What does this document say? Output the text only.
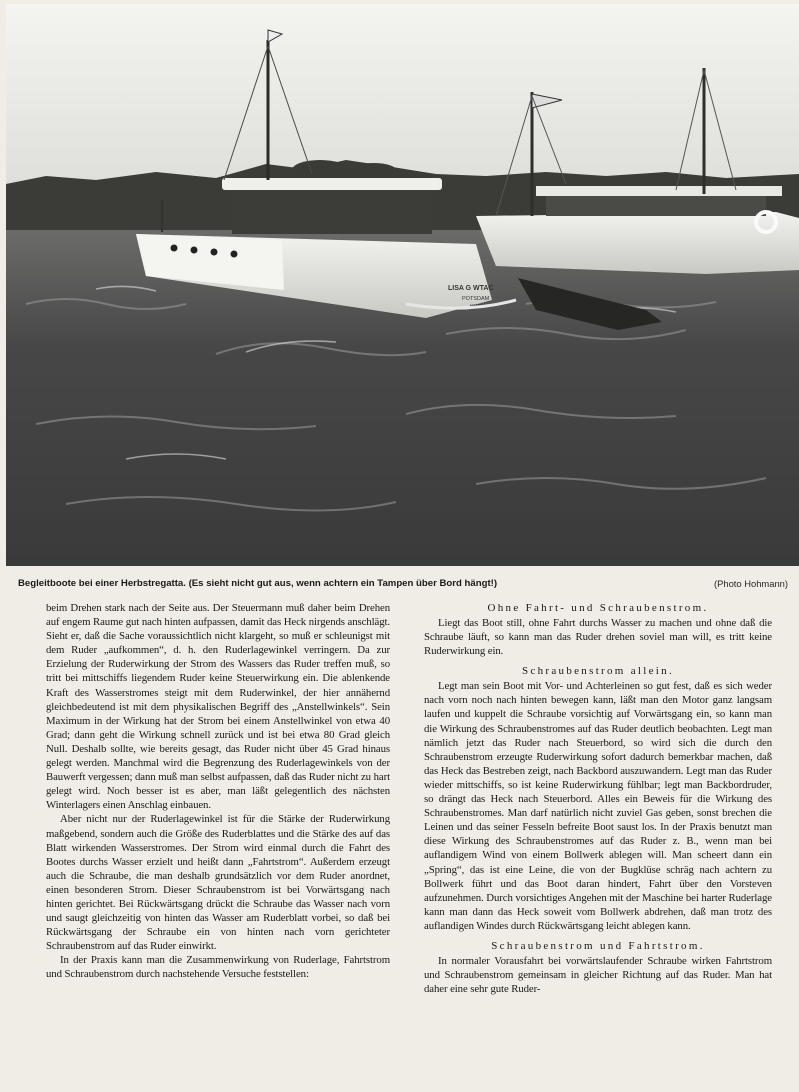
LISA G WTAC
POTSDAM
KYC
Begleitboote bei einer Herbstregatta. (Es sieht nicht gut aus, wenn achtern ein Tampen über Bord hängt!)	(Photo Hohmann)

beim Drehen stark nach der Seite aus. Der Steuermann muß daher beim Drehen auf engem Raume gut nach hinten aufpassen, damit das Heck nirgends anschlägt. Sieht er, daß die Sache voraussichtlich nicht klargeht, so muß er schleunigst mit dem Ruder „aufkommen“, d. h. den Ruderlagewinkel verringern. Da zur Erzielung der Ruderwirkung der Strom des Wassers das Ruder treffen muß, so tritt bei mittschiffs liegendem Ruder keine Steuerwirkung ein. Die ablenkende Kraft des Wasserstromes steigt mit dem Ruderwinkel, der hier annähernd gleichbedeutend ist mit dem physikalischen Begriff des „Anstellwinkels“. Sein Maximum in der Wirkung hat der Strom bei einem Anstellwinkel von etwa 40 Grad; dann geht die Wirkung schnell zurück und ist bei etwa 80 Grad gleich Null. Deshalb sollte, wie bereits gesagt, das Ruder nicht über 45 Grad hinaus gelegt werden. Manchmal wird die Begrenzung des Ruderlagewinkels von der Bauwerft vergessen; dann muß man selbst aufpassen, daß das Ruder nicht zu hart gelegt wird. Noch besser ist es aber, man läßt gelegentlich des nächsten Winterlagers einen Anschlag einbauen.

Aber nicht nur der Ruderlagewinkel ist für die Stärke der Ruderwirkung maßgebend, sondern auch die Größe des Ruderblattes und die Stärke des auf das Blatt wirkenden Wasserstromes. Der Strom wird einmal durch die Fahrt des Bootes durchs Wasser erzielt und heißt dann „Fahrtstrom“. Außerdem erzeugt auch die Schraube, die man deshalb grundsätzlich vor dem Ruder anordnet, einen besonderen Strom. Dieser Schraubenstrom ist bei Vorwärtsgang nach hinten gerichtet. Bei Rückwärtsgang drückt die Schraube das Wasser nach vorn und saugt gleichzeitig von hinten das Wasser am Ruderblatt vorbei, so daß bei Rückwärtsgang der Schraube ein von hinten nach vorn gerichteter Schraubenstrom auf das Ruder einwirkt.

In der Praxis kann man die Zusammenwirkung von Ruderlage, Fahrtstrom und Schraubenstrom durch nachstehende Versuche feststellen:

Ohne Fahrt- und Schraubenstrom.

Liegt das Boot still, ohne Fahrt durchs Wasser zu machen und ohne daß die Schraube läuft, so kann man das Ruder drehen soviel man will, es tritt keine Ruderwirkung ein.

Schraubenstrom allein.

Legt man sein Boot mit Vor- und Achterleinen so gut fest, daß es sich weder nach vorn noch nach hinten bewegen kann, läßt man den Motor ganz langsam laufen und kuppelt die Schraube vorsichtig auf Vorwärtsgang ein, so kann man die Wirkung des Schraubenstromes auf das Ruder deutlich beobachten. Legt man nämlich jetzt das Ruder nach Steuerbord, so wird sich die durch den Schraubenstrom erzeugte Ruderwirkung sofort dadurch bemerkbar machen, daß das Heck das Bestreben zeigt, nach Backbord auszuwandern. Legt man das Ruder wieder mittschiffs, so ist keine Ruderwirkung fühlbar; legt man Backbordruder, so drängt das Heck nach Steuerbord. Alles ein Beweis für die Wirkung des Schraubenstromes. Man darf natürlich nicht zuviel Gas geben, sonst brechen die Leinen und das seiner Fesseln befreite Boot saust los. In der Praxis benutzt man diese Wirkung des Schraubenstromes auf das Ruder z. B., wenn man bei auflandigem Wind von einem Bollwerk ablegen will. Man scheert dann ein „Spring“, das ist eine Leine, die von der Bugklüse schräg nach achtern zu Bollwerk führt und das Boot daran hindert, Fahrt über den Vorsteven aufzunehmen. Durch vorsichtiges Angehen mit der Maschine bei harter Ruderlage kann man dann das Heck soweit vom Bollwerk abdrehen, daß man trotz des auflandigen Windes durch Rückwärtsgang leicht ablegen kann.

Schraubenstrom und Fahrtstrom.

In normaler Vorausfahrt bei vorwärtslaufender Schraube wirken Fahrtstrom und Schraubenstrom gemeinsam in gleicher Richtung auf das Ruder. Man hat daher eine sehr gute Ruder-
